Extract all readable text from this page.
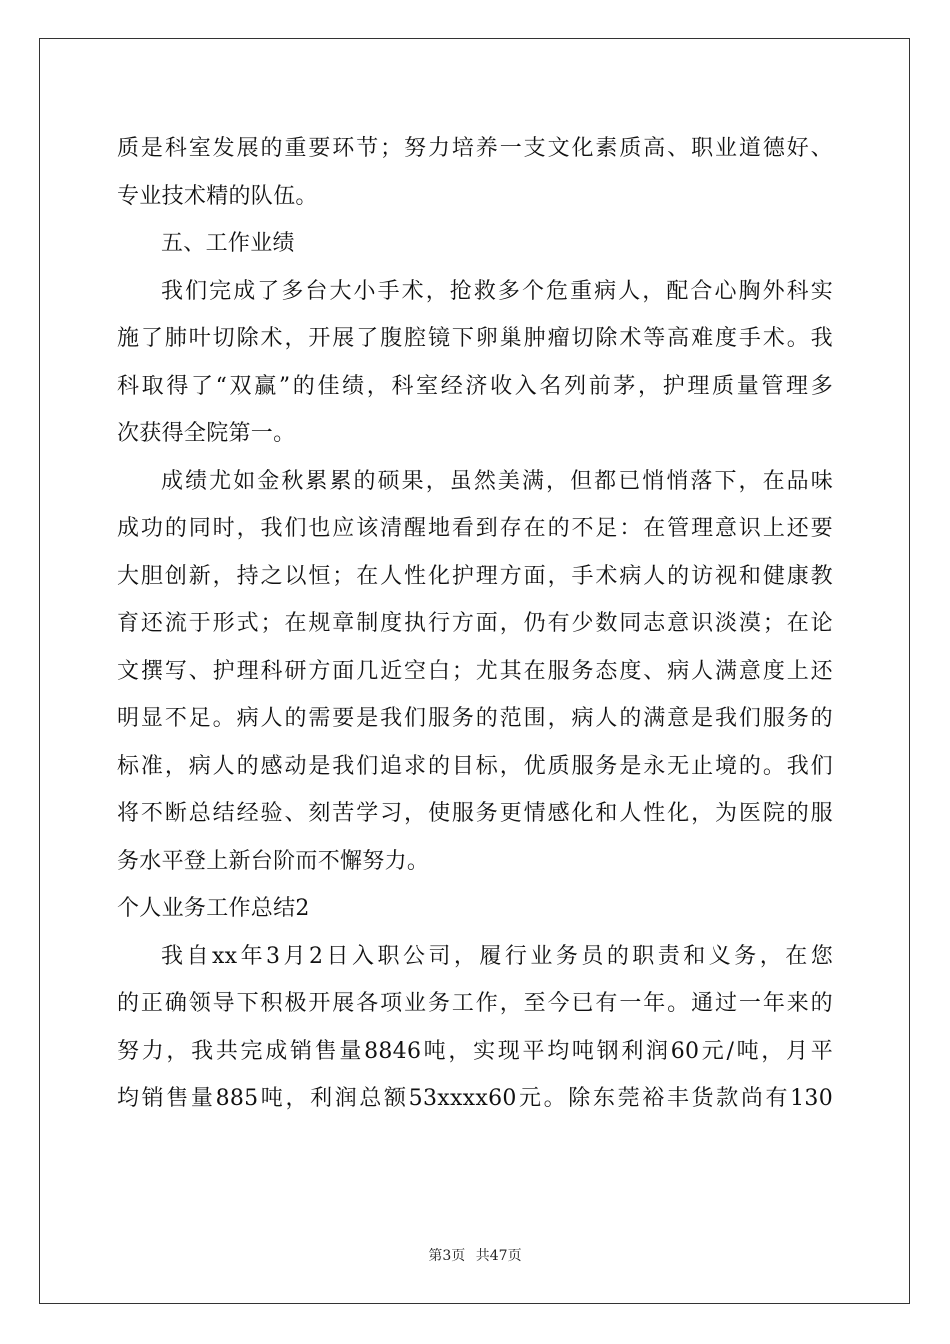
质是科室发展的重要环节；努力培养一支文化素质高、职业道德好、
专业技术精的队伍。
五、工作业绩
我们完成了多台大小手术，抢救多个危重病人，配合心胸外科实
施了肺叶切除术，开展了腹腔镜下卵巢肿瘤切除术等高难度手术。我
科取得了“双赢”的佳绩，科室经济收入名列前茅，护理质量管理多
次获得全院第一。
成绩尤如金秋累累的硕果，虽然美满，但都已悄悄落下，在品味
成功的同时，我们也应该清醒地看到存在的不足：在管理意识上还要
大胆创新，持之以恒；在人性化护理方面，手术病人的访视和健康教
育还流于形式；在规章制度执行方面，仍有少数同志意识淡漠；在论
文撰写、护理科研方面几近空白；尤其在服务态度、病人满意度上还
明显不足。病人的需要是我们服务的范围，病人的满意是我们服务的
标准，病人的感动是我们追求的目标，优质服务是永无止境的。我们
将不断总结经验、刻苦学习，使服务更情感化和人性化，为医院的服
务水平登上新台阶而不懈努力。
个人业务工作总结2
我自xx年3月2日入职公司，履行业务员的职责和义务，在您
的正确领导下积极开展各项业务工作，至今已有一年。通过一年来的
努力，我共完成销售量8846吨，实现平均吨钢利润60元/吨，月平
均销售量885吨，利润总额53xxxx60元。除东莞裕丰货款尚有130
第3页 共47页
